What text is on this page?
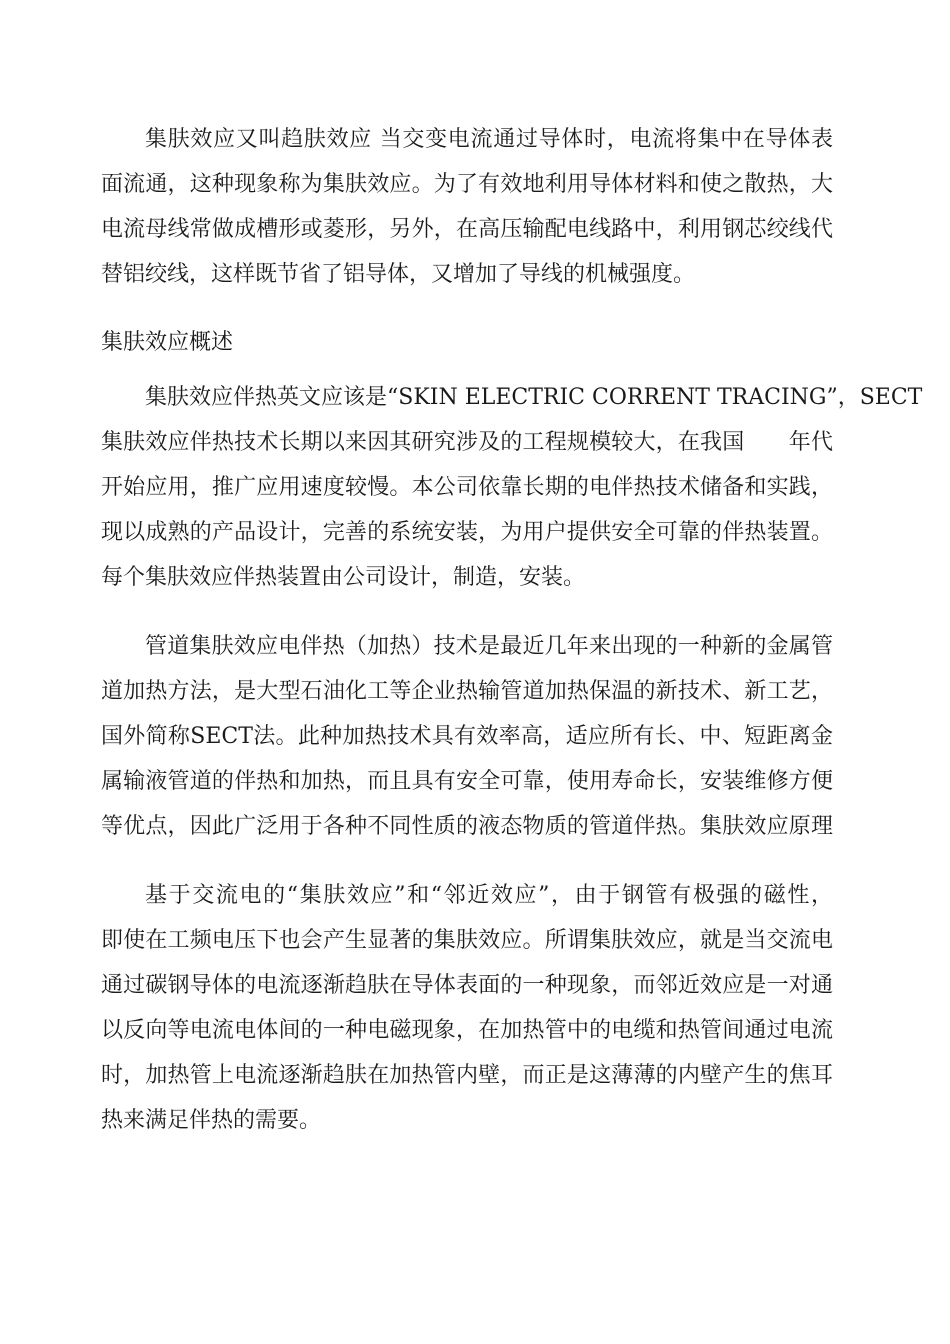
集肤效应又叫趋肤效应 当交变电流通过导体时，电流将集中在导体表
面流通，这种现象称为集肤效应。为了有效地利用导体材料和使之散热，大
电流母线常做成槽形或菱形，另外，在高压输配电线路中，利用钢芯绞线代
替铝绞线，这样既节省了铝导体，又增加了导线的机械强度。
集肤效应概述
集肤效应伴热英文应该是“SKIN ELECTRIC CORRENT TRACING”，SECT
集肤效应伴热技术长期以来因其研究涉及的工程规模较大，在我国　　年代
开始应用，推广应用速度较慢。本公司依靠长期的电伴热技术储备和实践，
现以成熟的产品设计，完善的系统安装，为用户提供安全可靠的伴热装置。
每个集肤效应伴热装置由公司设计，制造，安装。
管道集肤效应电伴热（加热）技术是最近几年来出现的一种新的金属管
道加热方法，是大型石油化工等企业热输管道加热保温的新技术、新工艺，
国外简称SECT法。此种加热技术具有效率高，适应所有长、中、短距离金
属输液管道的伴热和加热，而且具有安全可靠，使用寿命长，安装维修方便
等优点，因此广泛用于各种不同性质的液态物质的管道伴热。集肤效应原理
基于交流电的“集肤效应”和“邻近效应”，由于钢管有极强的磁性，
即使在工频电压下也会产生显著的集肤效应。所谓集肤效应，就是当交流电
通过碳钢导体的电流逐渐趋肤在导体表面的一种现象，而邻近效应是一对通
以反向等电流电体间的一种电磁现象，在加热管中的电缆和热管间通过电流
时，加热管上电流逐渐趋肤在加热管内壁，而正是这薄薄的内壁产生的焦耳
热来满足伴热的需要。
